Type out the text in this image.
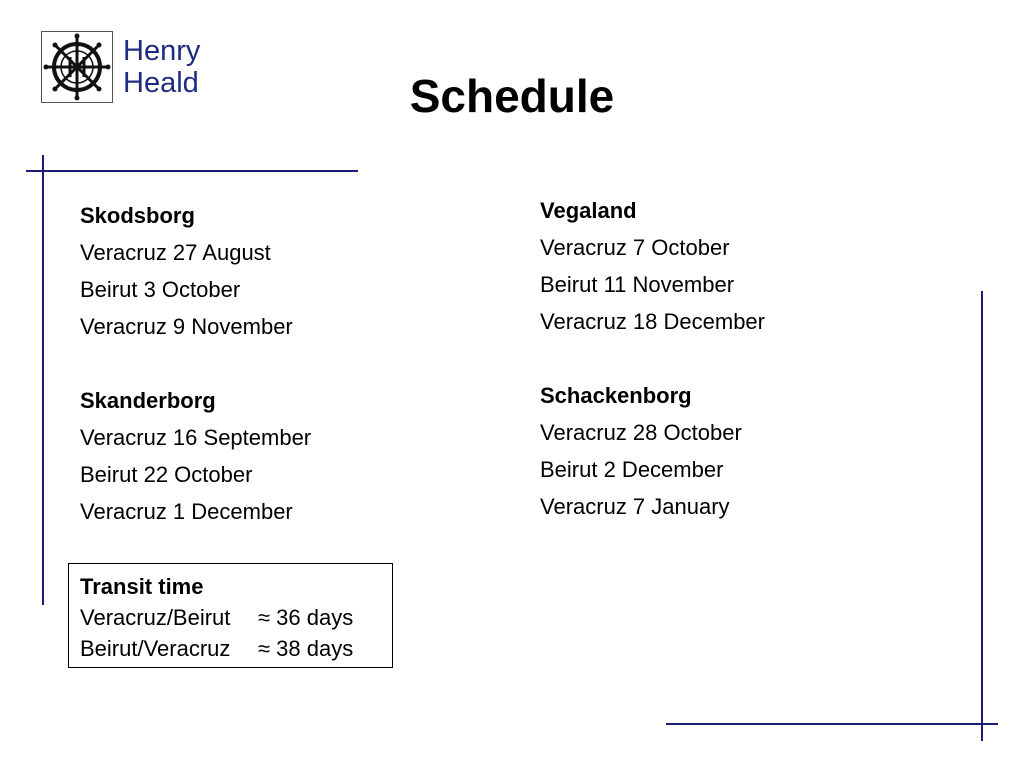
Henry
Heald	Schedule
Skodsborg
Veracruz 27 August
Beirut 3 October
Veracruz 9 November
Skanderborg
Veracruz 16 September
Beirut 22 October
Veracruz 1 December
Vegaland
Veracruz 7 October
Beirut 11 November
Veracruz 18 December
Schackenborg
Veracruz 28 October
Beirut 2 December
Veracruz 7 January
Transit time
Veracruz/Beirut ≈ 36 days
Beirut/Veracruz ≈ 38 days
